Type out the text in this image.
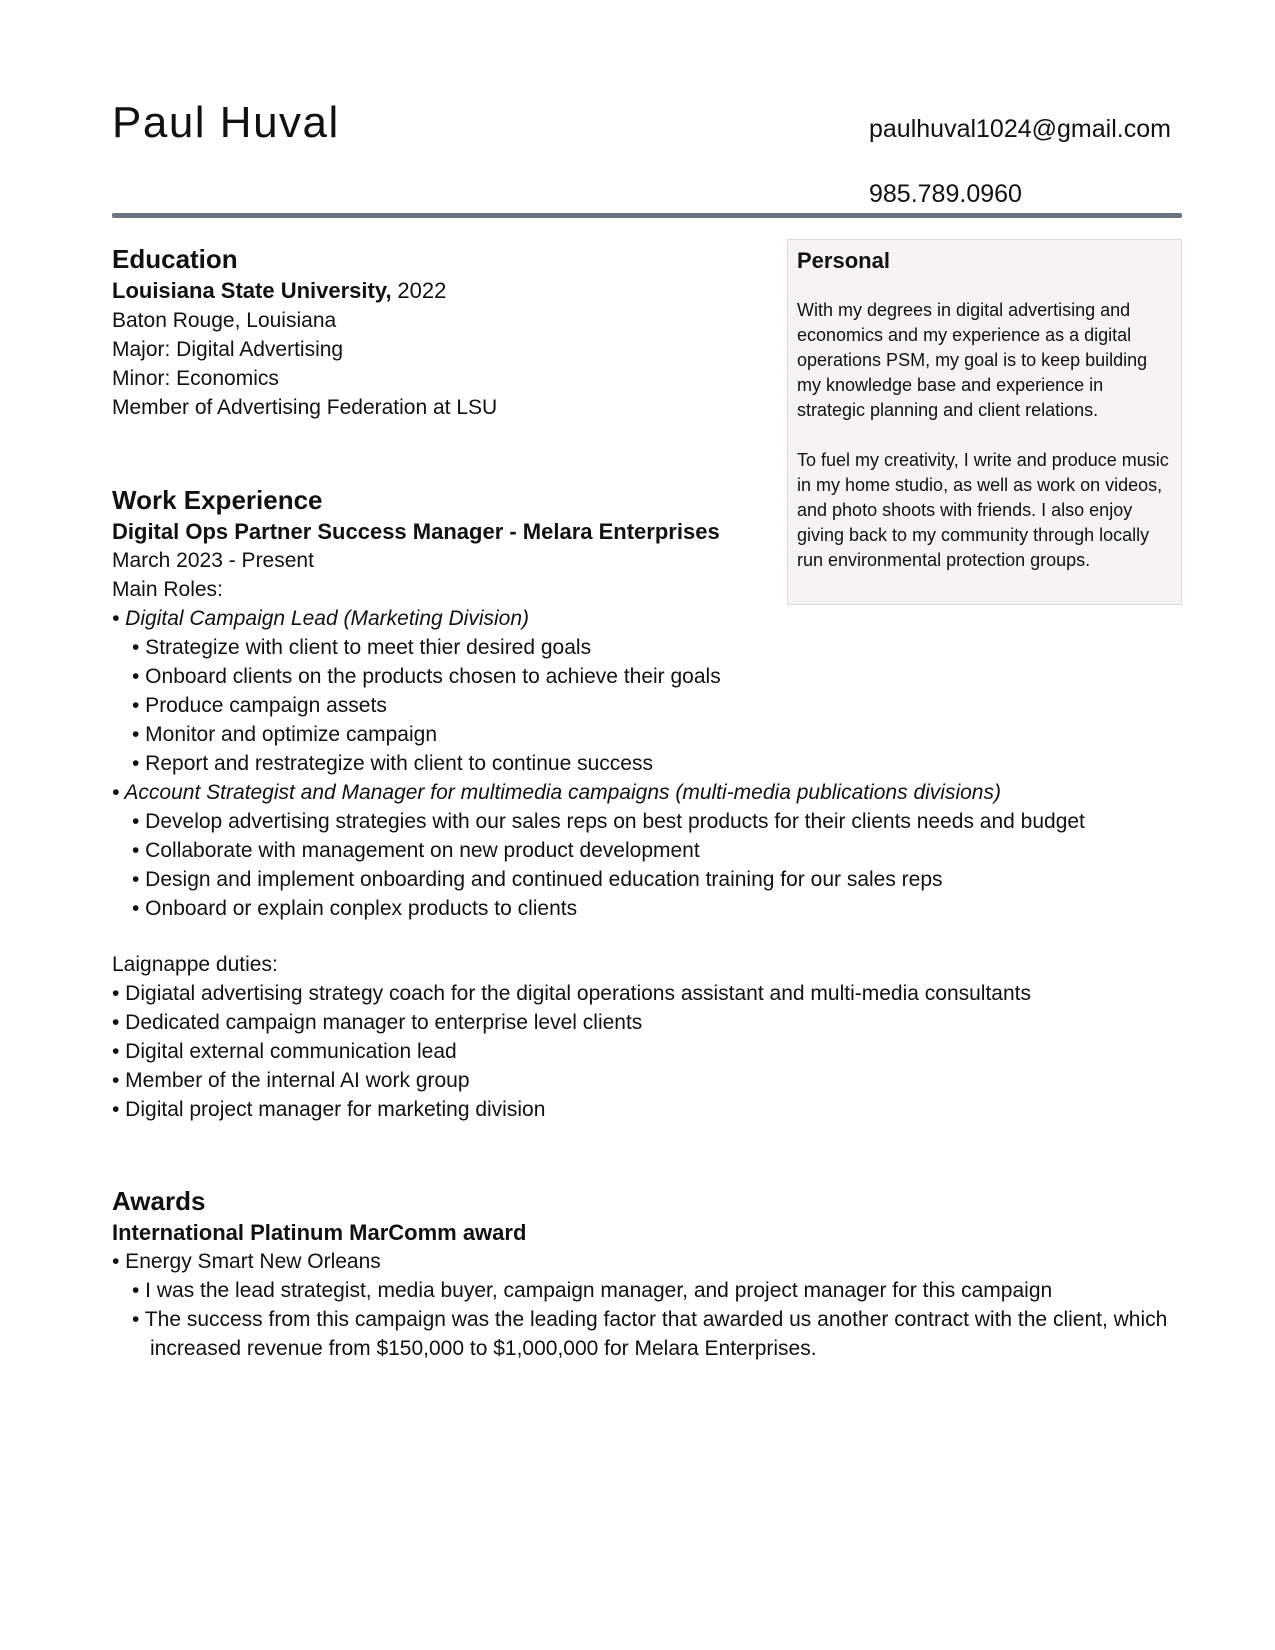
Paul Huval	paulhuval1024@gmail.com
985.789.0960
Personal

With my degrees in digital advertising and economics and my experience as a digital operations PSM, my goal is to keep building my knowledge base and experience in strategic planning and client relations.

To fuel my creativity, I write and produce music in my home studio, as well as work on videos, and photo shoots with friends. I also enjoy giving back to my community through locally run environmental protection groups.

Education
Louisiana State University, 2022
Baton Rouge, Louisiana
Major: Digital Advertising
Minor: Economics
Member of Advertising Federation at LSU
Work Experience
Digital Ops Partner Success Manager - Melara Enterprises
March 2023 - Present
Main Roles:
• Digital Campaign Lead (Marketing Division)
• Strategize with client to meet thier desired goals
• Onboard clients on the products chosen to achieve their goals
• Produce campaign assets
• Monitor and optimize campaign
• Report and restrategize with client to continue success
• Account Strategist and Manager for multimedia campaigns (multi-media publications divisions)
• Develop advertising strategies with our sales reps on best products for their clients needs and budget
• Collaborate with management on new product development
• Design and implement onboarding and continued education training for our sales reps
• Onboard or explain conplex products to clients
Laignappe duties:
• Digiatal advertising strategy coach for the digital operations assistant and multi-media consultants
• Dedicated campaign manager to enterprise level clients
• Digital external communication lead
• Member of the internal AI work group
• Digital project manager for marketing division
Awards
International Platinum MarComm award
• Energy Smart New Orleans
• I was the lead strategist, media buyer, campaign manager, and project manager for this campaign
• The success from this campaign was the leading factor that awarded us another contract with the client, which increased revenue from $150,000 to $1,000,000 for Melara Enterprises.
